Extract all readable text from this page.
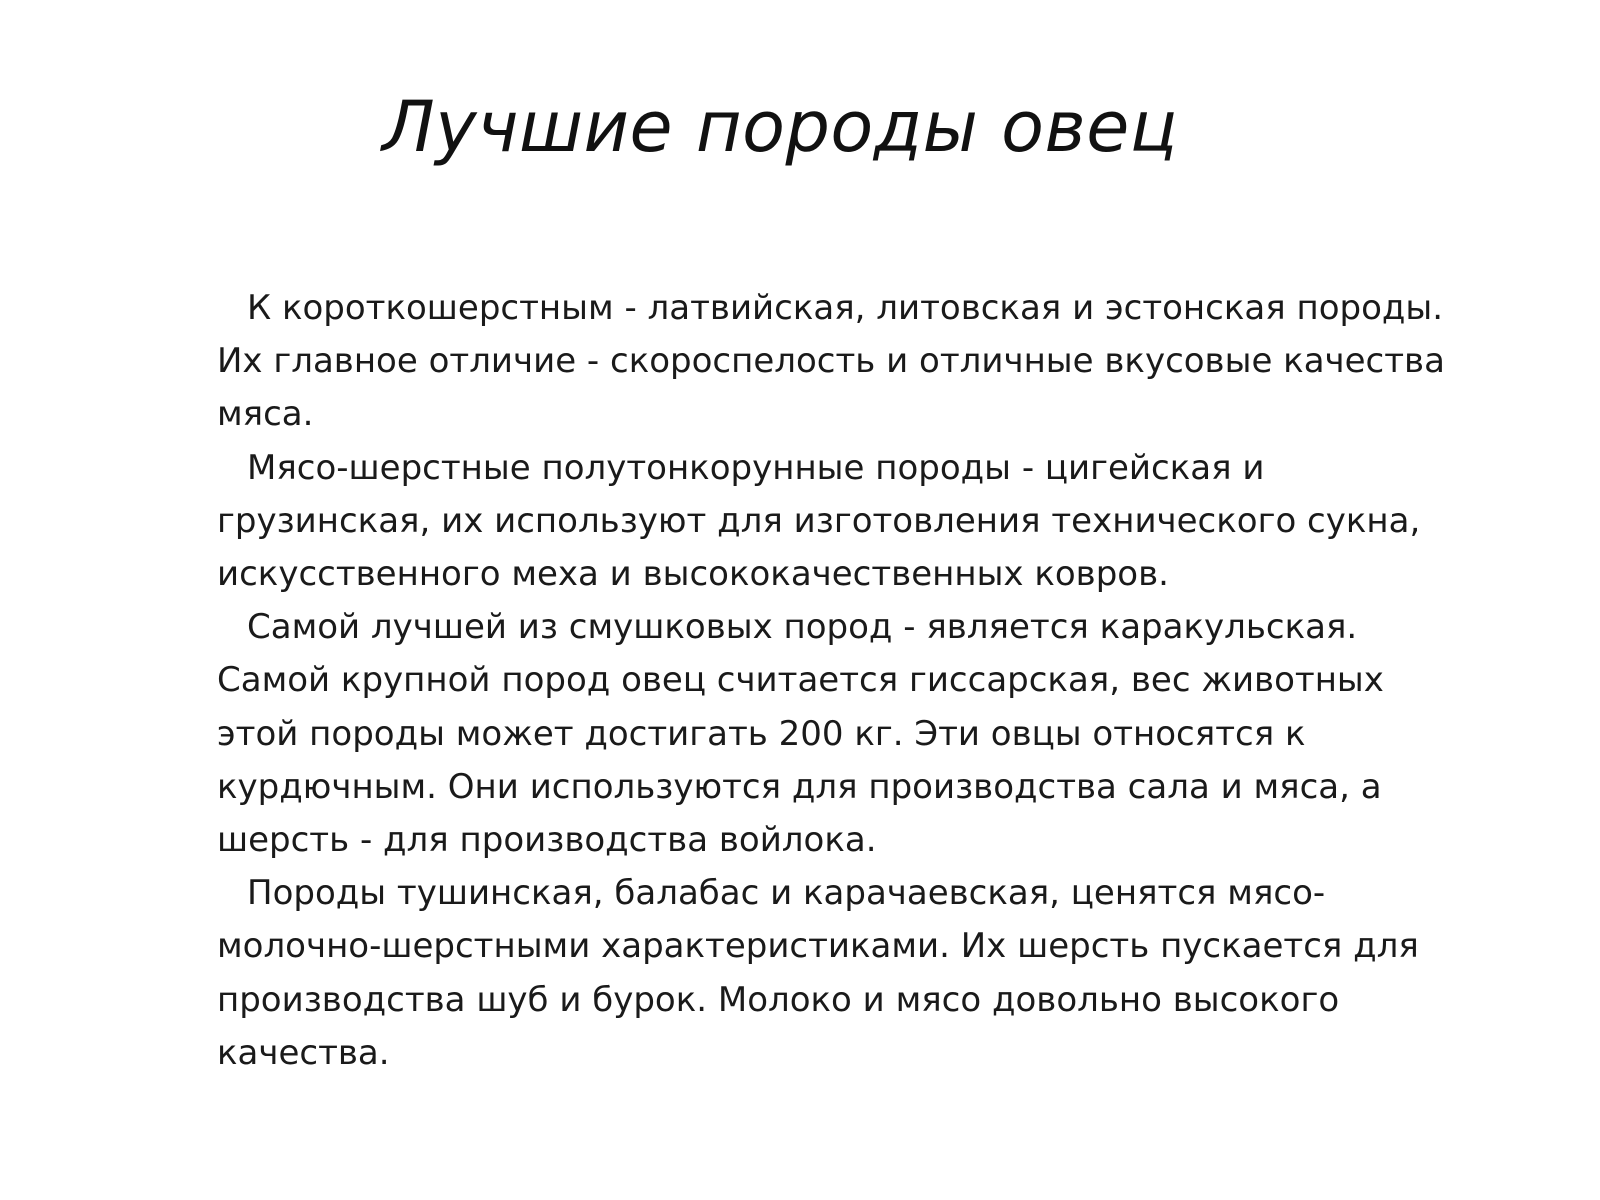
Лучшие породы овец

К короткошерстным - латвийская, литовская и эстонская породы. Их главное отличие - скороспелость и отличные вкусовые качества мяса.

Мясо-шерстные полутонкорунные породы - цигейская и грузинская, их используют для изготовления технического сукна, искусственного меха и высококачественных ковров.

Самой лучшей из смушковых пород - является каракульская. Самой крупной пород овец считается гиссарская, вес животных этой породы может достигать 200 кг. Эти овцы относятся к курдючным. Они используются для производства сала и мяса, а шерсть - для производства войлока.

Породы тушинская, балабас и карачаевская, ценятся мясо-молочно-шерстными характеристиками. Их шерсть пускается для производства шуб и бурок. Молоко и мясо довольно высокого качества.
